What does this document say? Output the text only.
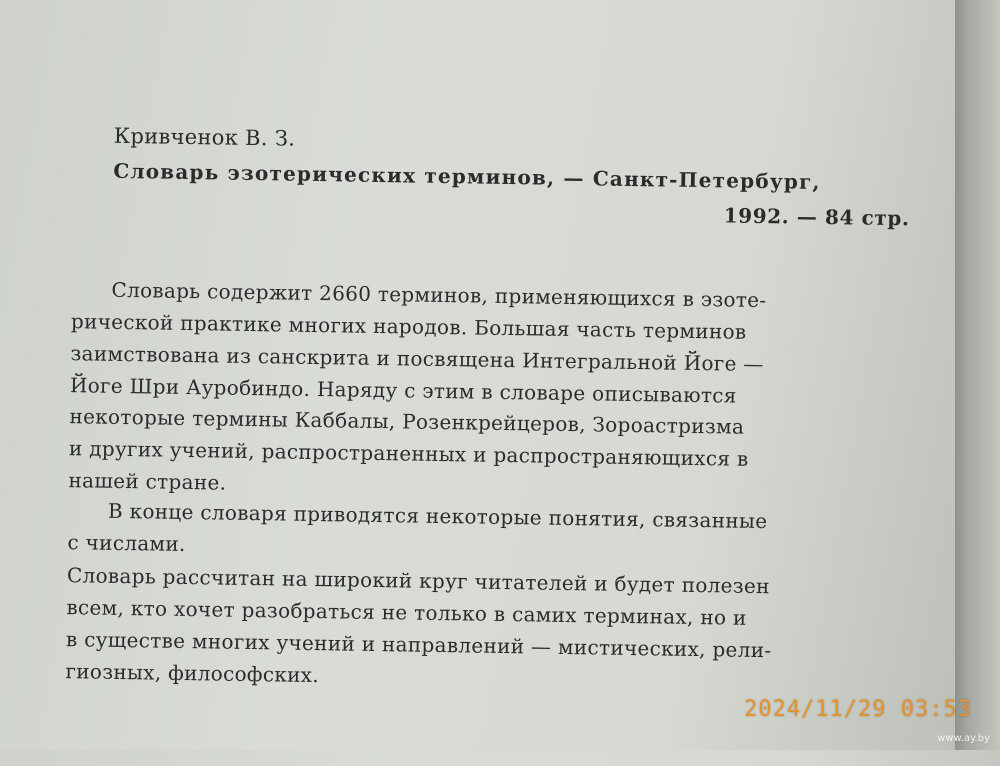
Кривченок В. З.
Словарь эзотерических терминов, — Санкт-Петербург,
1992. — 84 стр.
Словарь содержит 2660 терминов, применяющихся в эзоте-
рической практике многих народов. Большая часть терминов
заимствована из санскрита и посвящена Интегральной Йоге —
Йоге Шри Ауробиндо. Наряду с этим в словаре описываются
некоторые термины Каббалы, Розенкрейцеров, Зороастризма
и других учений, распространенных и распространяющихся в
нашей стране.
В конце словаря приводятся некоторые понятия, связанные
с числами.
Словарь рассчитан на широкий круг читателей и будет полезен
всем, кто хочет разобраться не только в самих терминах, но и
в существе многих учений и направлений — мистических, рели-
гиозных, философских.
2024/11/29 03:53
www.ay.by
